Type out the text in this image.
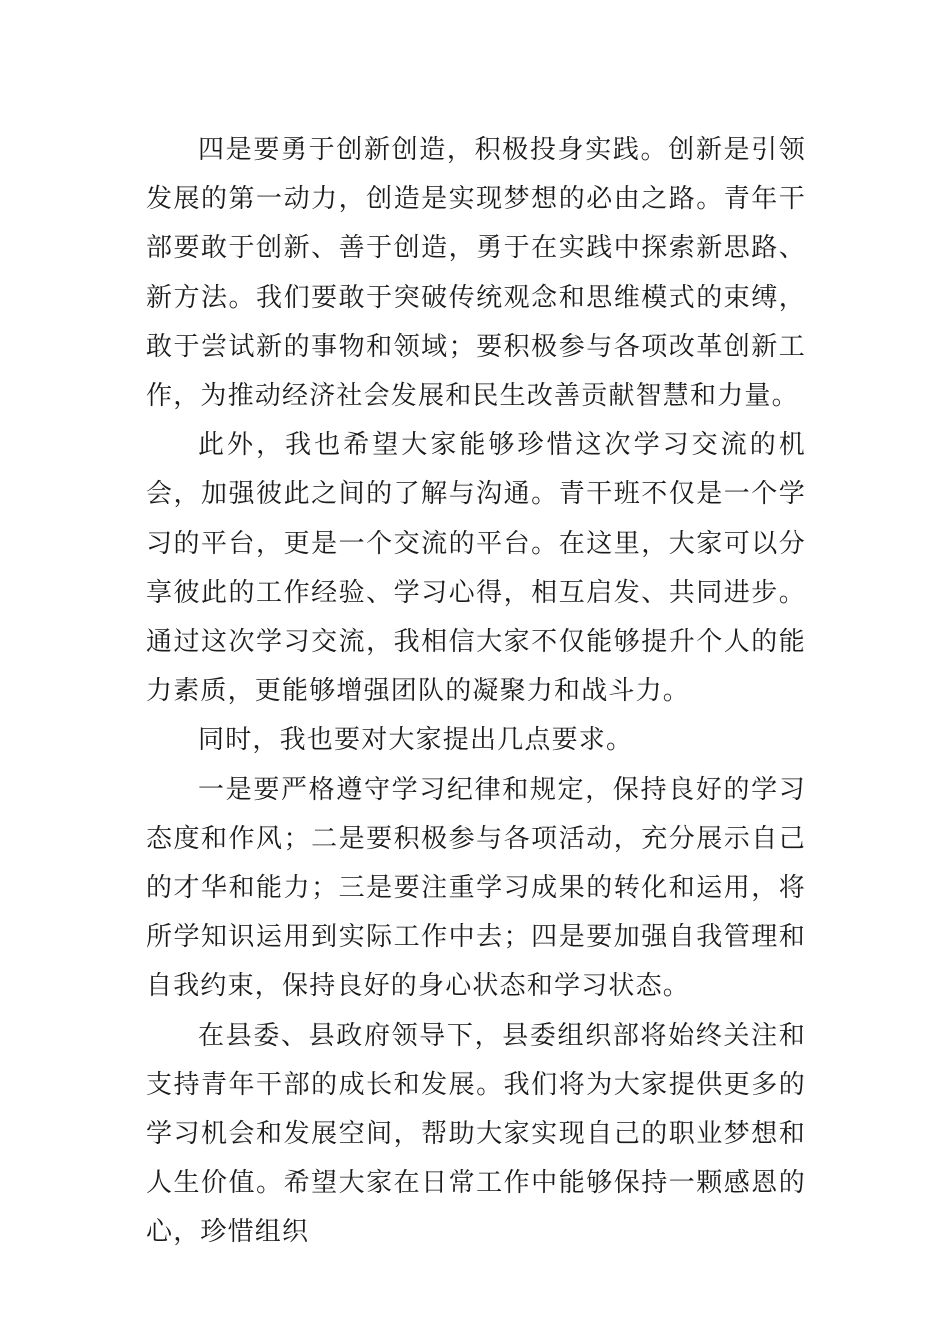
四是要勇于创新创造，积极投身实践。创新是引领发展的第一动力，创造是实现梦想的必由之路。青年干部要敢于创新、善于创造，勇于在实践中探索新思路、新方法。我们要敢于突破传统观念和思维模式的束缚，敢于尝试新的事物和领域；要积极参与各项改革创新工作，为推动经济社会发展和民生改善贡献智慧和力量。

此外，我也希望大家能够珍惜这次学习交流的机会，加强彼此之间的了解与沟通。青干班不仅是一个学习的平台，更是一个交流的平台。在这里，大家可以分享彼此的工作经验、学习心得，相互启发、共同进步。通过这次学习交流，我相信大家不仅能够提升个人的能力素质，更能够增强团队的凝聚力和战斗力。

同时，我也要对大家提出几点要求。

一是要严格遵守学习纪律和规定，保持良好的学习态度和作风；二是要积极参与各项活动，充分展示自己的才华和能力；三是要注重学习成果的转化和运用，将所学知识运用到实际工作中去；四是要加强自我管理和自我约束，保持良好的身心状态和学习状态。

在县委、县政府领导下，县委组织部将始终关注和支持青年干部的成长和发展。我们将为大家提供更多的学习机会和发展空间，帮助大家实现自己的职业梦想和人生价值。希望大家在日常工作中能够保持一颗感恩的心，珍惜组织
